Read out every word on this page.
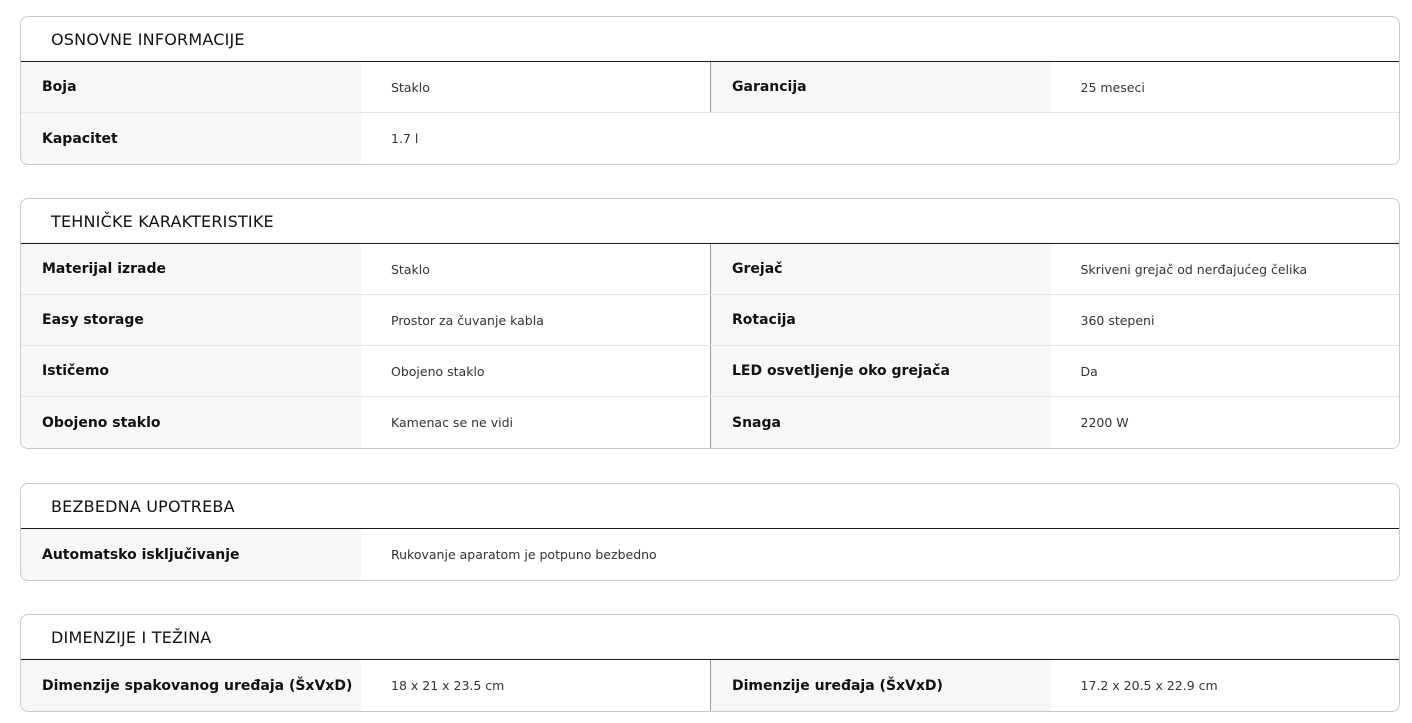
OSNOVNE INFORMACIJE
Boja	Staklo	Garancija	25 meseci
Kapacitet	1.7 l
TEHNIČKE KARAKTERISTIKE
Materijal izrade	Staklo	Grejač	Skriveni grejač od nerđajućeg čelika
Easy storage	Prostor za čuvanje kabla	Rotacija	360 stepeni
Ističemo	Obojeno staklo	LED osvetljenje oko grejača	Da
Obojeno staklo	Kamenac se ne vidi	Snaga	2200 W
BEZBEDNA UPOTREBA
Automatsko isključivanje	Rukovanje aparatom je potpuno bezbedno
DIMENZIJE I TEŽINA
Dimenzije spakovanog uređaja (ŠxVxD)	18 x 21 x 23.5 cm	Dimenzije uređaja (ŠxVxD)	17.2 x 20.5 x 22.9 cm
